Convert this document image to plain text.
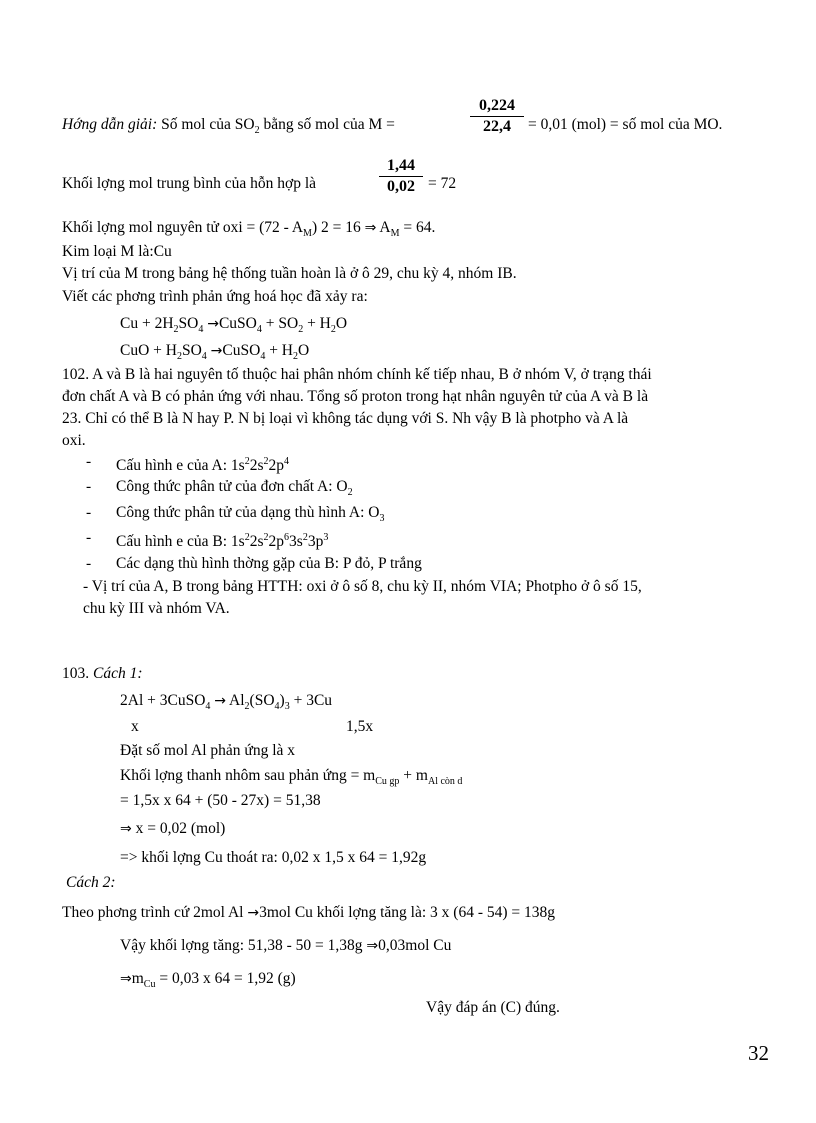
Hớng dẫn giải: Số mol của $SO_2$ bằng số mol của M =
0,224
22,4	= 0,01 (mol) = số mol của MO.
Khối lợng mol trung bình của hỗn hợp là
1,44
0,02 = 72
Khối lợng mol nguyên tử oxi = $(72 - A_M)$ 2 = 16 ⇒ $A_M = 64$.
Kim loại M là:Cu
Vị trí của M trong bảng hệ thống tuần hoàn là ở ô 29, chu kỳ 4, nhóm IB.
Viết các phơng trình phản ứng hoá học đã xảy ra:
$Cu + 2H_2SO_4$ →CuSO$_4$ + $SO_2 + H_2O$
CuO + $H_2SO_4$ →CuSO$_4$ + $H_2O$
102. A và B là hai nguyên tố thuộc hai phân nhóm chính kế tiếp nhau, B ở nhóm V, ở trạng thái
đơn chất A và B có phản ứng với nhau. Tổng số proton trong hạt nhân nguyên tử của A và B là
23. Chỉ có thể B là N hay P. N bị loại vì không tác dụng với S. Nh vậy B là photpho và A là
oxi.
- Cấu hình e của A: $1s^22s^22p^4$
- Công thức phân tử của đơn chất A: $O_2$
- Công thức phân tử của dạng thù hình A: $O_3$
- Cấu hình e của B: $1s^22s^22p^63s^23p^3$
- Các dạng thù hình thờng gặp của B: P đỏ, P trắng
- Vị trí của A, B trong bảng HTTH: oxi ở ô số 8, chu kỳ II, nhóm VIA; Photpho ở ô số 15,
chu kỳ III và nhóm VA.
103. Cách 1:
2Al + 3CuSO$_4$ → $Al_2(SO_4)_3 + 3Cu$
x	1,5x
Đặt số mol Al phản ứng là x
Khối lợng thanh nhôm sau phản ứng = $m_{Cu gp} + m_{Al còn d}$
= 1,5x x 64 + (50 - 27x) = 51,38
⇒ x = 0,02 (mol)
=> khối lợng Cu thoát ra: 0,02 x 1,5 x 64 = 1,92g
Cách 2:
Theo phơng trình cứ 2mol Al →3mol Cu khối lợng tăng là: 3 x (64 - 54) = 138g
Vậy khối lợng tăng: 51,38 - 50 = 1,38g ⇒0,03mol Cu
$\Rightarrow m_{Cu} = 0,03$ x 64 = 1,92 (g)
Vậy đáp án (C) đúng.
32
